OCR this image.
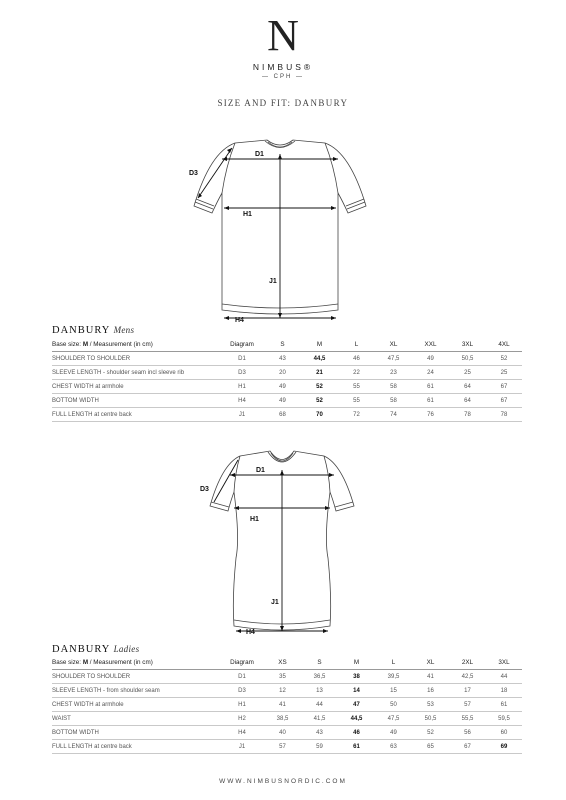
N
NIMBUS®
— CPH —
SIZE AND FIT: DANBURY
D1
D3
H1
J1
H4
DANBURY Mens
Base size: M / Measurement (in cm)	Diagram	S	M	L	XL	XXL	3XL	4XL
SHOULDER TO SHOULDER	D1	43	44,5	46	47,5	49	50,5	52
SLEEVE LENGTH - shoulder seam incl sleeve rib	D3	20	21	22	23	24	25	25
CHEST WIDTH at armhole	H1	49	52	55	58	61	64	67
BOTTOM WIDTH	H4	49	52	55	58	61	64	67
FULL LENGTH at centre back	J1	68	70	72	74	76	78	78
D1
D3
H1
J1
H4
DANBURY Ladies
Base size: M / Measurement (in cm)	Diagram	XS	S	M	L	XL	2XL	3XL
SHOULDER TO SHOULDER	D1	35	36,5	38	39,5	41	42,5	44
SLEEVE LENGTH - from shoulder seam	D3	12	13	14	15	16	17	18
CHEST WIDTH at armhole	H1	41	44	47	50	53	57	61
WAIST	H2	38,5	41,5	44,5	47,5	50,5	55,5	59,5
BOTTOM WIDTH	H4	40	43	46	49	52	56	60
FULL LENGTH at centre back	J1	57	59	61	63	65	67	69
WWW.NIMBUSNORDIC.COM
